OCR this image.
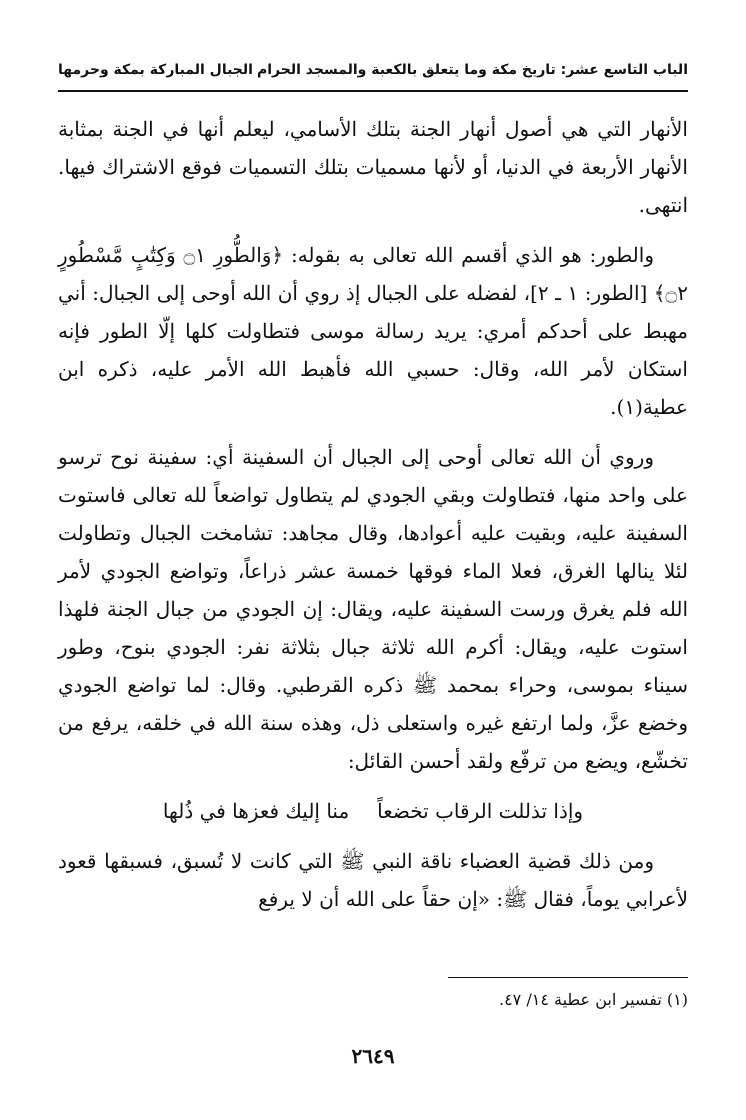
الجبال المباركة بمكة وحرمها الباب التاسع عشر: تاريخ مكة وما يتعلق بالكعبة والمسجد الحرام

الأنهار التي هي أصول أنهار الجنة بتلك الأسامي، ليعلم أنها في الجنة بمثابة الأنهار الأربعة في الدنيا، أو لأنها مسميات بتلك التسميات فوقع الاشتراك فيها. انتهى.

والطور: هو الذي أقسم الله تعالى به بقوله: ﴿وَالطُّورِ ۝١ وَكِتَٰبٍ مَّسْطُورٍ ۝٢﴾ [الطور: ١ ـ ٢]، لفضله على الجبال إذ روي أن الله أوحى إلى الجبال: أني مهبط على أحدكم أمري: يريد رسالة موسى فتطاولت كلها إلّا الطور فإنه استكان لأمر الله، وقال: حسبي الله فأهبط الله الأمر عليه، ذكره ابن عطية(١).

وروي أن الله تعالى أوحى إلى الجبال أن السفينة أي: سفينة نوح ترسو على واحد منها، فتطاولت وبقي الجودي لم يتطاول تواضعاً لله تعالى فاستوت السفينة عليه، وبقيت عليه أعوادها، وقال مجاهد: تشامخت الجبال وتطاولت لئلا ينالها الغرق، فعلا الماء فوقها خمسة عشر ذراعاً، وتواضع الجودي لأمر الله فلم يغرق ورست السفينة عليه، ويقال: إن الجودي من جبال الجنة فلهذا استوت عليه، ويقال: أكرم الله ثلاثة جبال بثلاثة نفر: الجودي بنوح، وطور سيناء بموسى، وحراء بمحمد ﷺ ذكره القرطبي. وقال: لما تواضع الجودي وخضع عزَّ، ولما ارتفع غيره واستعلى ذل، وهذه سنة الله في خلقه، يرفع من تخشّع، ويضع من ترفّع ولقد أحسن القائل:

وإذا تذللت الرقاب تخضعاً
منا إليك فعزها في ذُلها

ومن ذلك قضية العضباء ناقة النبي ﷺ التي كانت لا تُسبق، فسبقها قعود لأعرابي يوماً، فقال ﷺ: «إن حقاً على الله أن لا يرفع

(١) تفسير ابن عطية ١٤/ ٤٧.
٢٦٤٩
